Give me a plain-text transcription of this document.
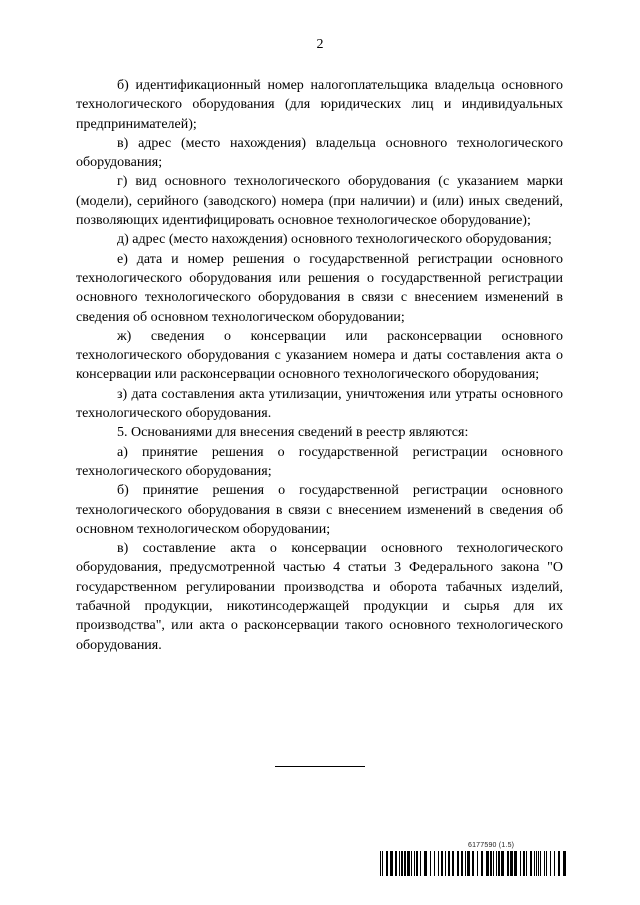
2

б) идентификационный номер налогоплательщика владельца основного технологического оборудования (для юридических лиц и индивидуальных предпринимателей);

в) адрес (место нахождения) владельца основного технологического оборудования;

г) вид основного технологического оборудования (с указанием марки (модели), серийного (заводского) номера (при наличии) и (или) иных сведений, позволяющих идентифицировать основное технологическое оборудование);

д) адрес (место нахождения) основного технологического оборудования;

е) дата и номер решения о государственной регистрации основного технологического оборудования или решения о государственной регистрации основного технологического оборудования в связи с внесением изменений в сведения об основном технологическом оборудовании;

ж) сведения о консервации или расконсервации основного технологического оборудования с указанием номера и даты составления акта о консервации или расконсервации основного технологического оборудования;

з) дата составления акта утилизации, уничтожения или утраты основного технологического оборудования.

5. Основаниями для внесения сведений в реестр являются:

а) принятие решения о государственной регистрации основного технологического оборудования;

б) принятие решения о государственной регистрации основного технологического оборудования в связи с внесением изменений в сведения об основном технологическом оборудовании;

в) составление акта о консервации основного технологического оборудования, предусмотренной частью 4 статьи 3 Федерального закона "О государственном регулировании производства и оборота табачных изделий, табачной продукции, никотинсодержащей продукции и сырья для их производства", или акта о расконсервации такого основного технологического оборудования.

6177590 (1.5)
